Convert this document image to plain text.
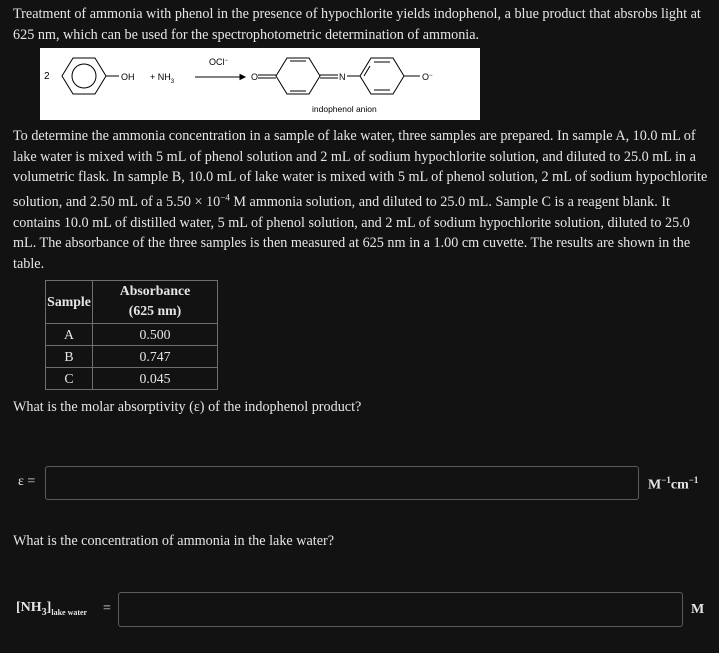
Treatment of ammonia with phenol in the presence of hypochlorite yields indophenol, a blue product that absrobs light at 625 nm, which can be used for the spectrophotometric determination of ammonia.

2	OH + $NH_3$
OCl−
O	N	O−
indophenol anion

To determine the ammonia concentration in a sample of lake water, three samples are prepared. In sample A, 10.0 mL of lake water is mixed with 5 mL of phenol solution and 2 mL of sodium hypochlorite solution, and diluted to 25.0 mL in a volumetric flask. In sample B, 10.0 mL of lake water is mixed with 5 mL of phenol solution, 2 mL of sodium hypochlorite solution, and 2.50 mL of a $5.50 \times 10^{-4}$ M ammonia solution, and diluted to 25.0 mL. Sample C is a reagent blank. It contains 10.0 mL of distilled water, 5 mL of phenol solution, and 2 mL of sodium hypochlorite solution, diluted to 25.0 mL. The absorbance of the three samples is then measured at 625 nm in a 1.00 cm cuvette. The results are shown in the table.

Sample	Absorbance
(625 nm)
A	0.500
B	0.747
C	0.045

What is the molar absorptivity (ε) of the indophenol product?

ε =	$M^{-1}cm^{-1}$

What is the concentration of ammonia in the lake water?

$[NH_3]_{lake water}$ =	M
